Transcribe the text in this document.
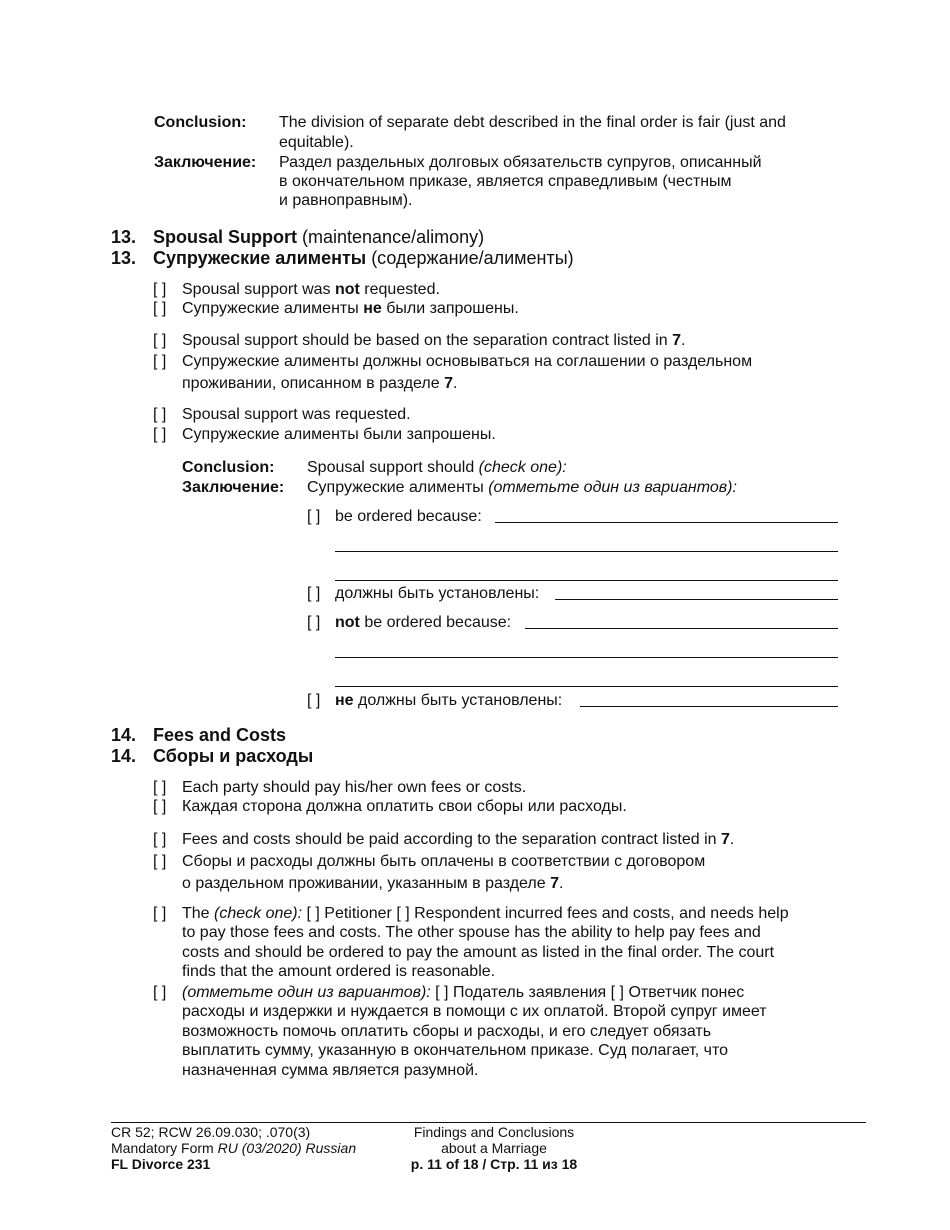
Conclusion: The division of separate debt described in the final order is fair (just and
equitable).
Заключение: Раздел раздельных долговых обязательств супругов, описанный
в окончательном приказе, является справедливым (честным
и равноправным).
13. Spousal Support (maintenance/alimony)
13. Супружеские алименты (содержание/алименты)
[ ] Spousal support was not requested.
[ ] Супружеские алименты не были запрошены.
[ ] Spousal support should be based on the separation contract listed in 7.
[ ] Супружеские алименты должны основываться на соглашении о раздельном
проживании, описанном в разделе 7.
[ ] Spousal support was requested.
[ ] Супружеские алименты были запрошены.
Conclusion: Spousal support should (check one):
Заключение: Супружеские алименты (отметьте один из вариантов):
[ ] be ordered because:
[ ] должны быть установлены:
[ ] not be ordered because:
[ ] не должны быть установлены:
14. Fees and Costs
14. Сборы и расходы
[ ] Each party should pay his/her own fees or costs.
[ ] Каждая сторона должна оплатить свои сборы или расходы.
[ ] Fees and costs should be paid according to the separation contract listed in 7.
[ ] Сборы и расходы должны быть оплачены в соответствии с договором
о раздельном проживании, указанным в разделе 7.
[ ] The (check one): [ ] Petitioner [ ] Respondent incurred fees and costs, and needs help
to pay those fees and costs. The other spouse has the ability to help pay fees and
costs and should be ordered to pay the amount as listed in the final order. The court
finds that the amount ordered is reasonable.
[ ] (отметьте один из вариантов): [ ] Податель заявления [ ] Ответчик понес
расходы и издержки и нуждается в помощи с их оплатой. Второй супруг имеет
возможность помочь оплатить сборы и расходы, и его следует обязать
выплатить сумму, указанную в окончательном приказе. Суд полагает, что
назначенная сумма является разумной.
CR 52; RCW 26.09.030; .070(3)
Mandatory Form RU (03/2020) Russian
FL Divorce 231
Findings and Conclusions
about a Marriage
p. 11 of 18 / Стр. 11 из 18
